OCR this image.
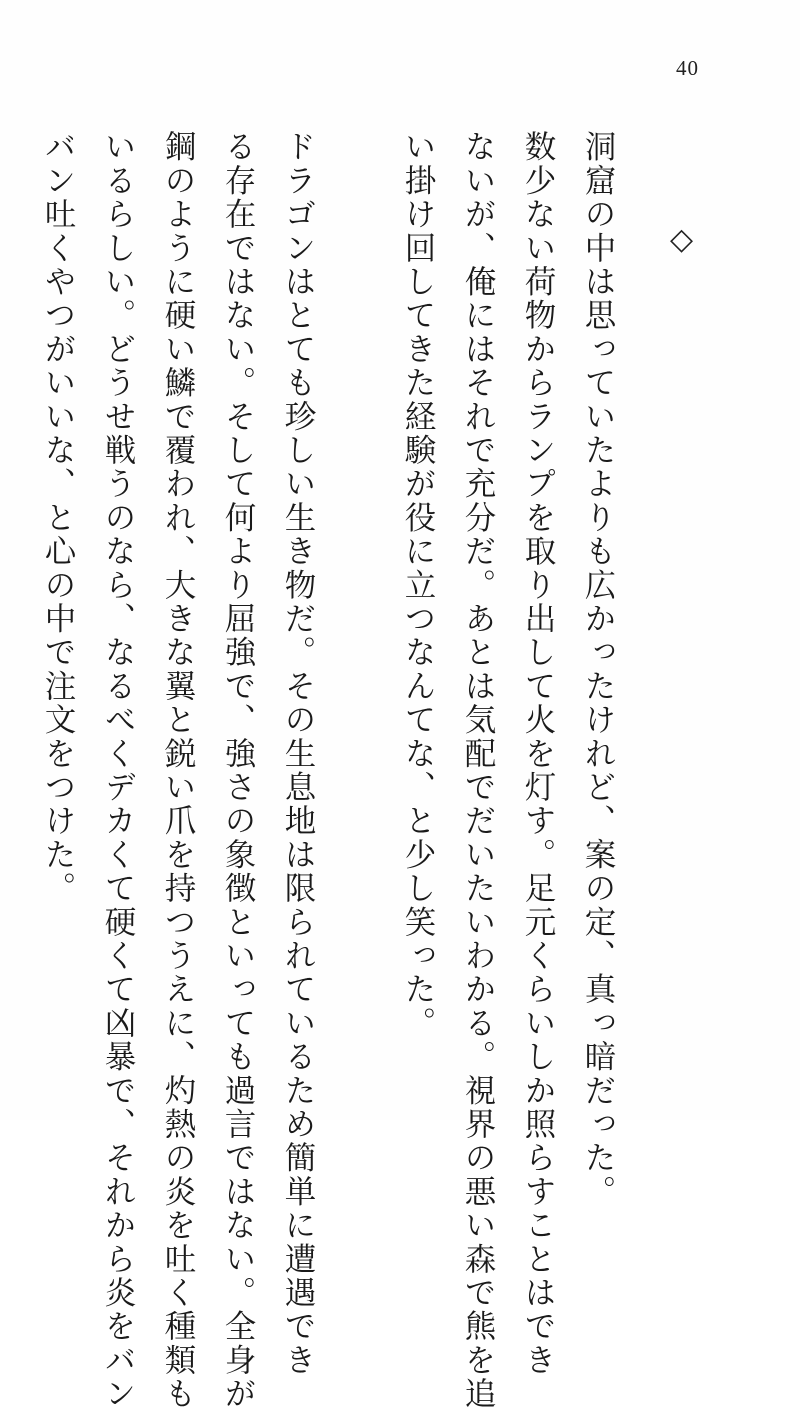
40
◇

洞窟の中は思っていたよりも広かったけれど、案の定、真っ暗だった。

数少ない荷物からランプを取り出して火を灯す。足元くらいしか照らすことはでき

ないが、俺にはそれで充分だ。あとは気配でだいたいわかる。視界の悪い森で熊を追

い掛け回してきた経験が役に立つなんてな、と少し笑った。

ドラゴンはとても珍しい生き物だ。その生息地は限られているため簡単に遭遇でき

る存在ではない。そして何より屈強で、強さの象徴といっても過言ではない。全身が

鋼のように硬い鱗で覆われ、大きな翼と鋭い爪を持つうえに、灼熱の炎を吐く種類も

いるらしい。どうせ戦うのなら、なるべくデカくて硬くて凶暴で、それから炎をバン

バン吐くやつがいいな、と心の中で注文をつけた。
